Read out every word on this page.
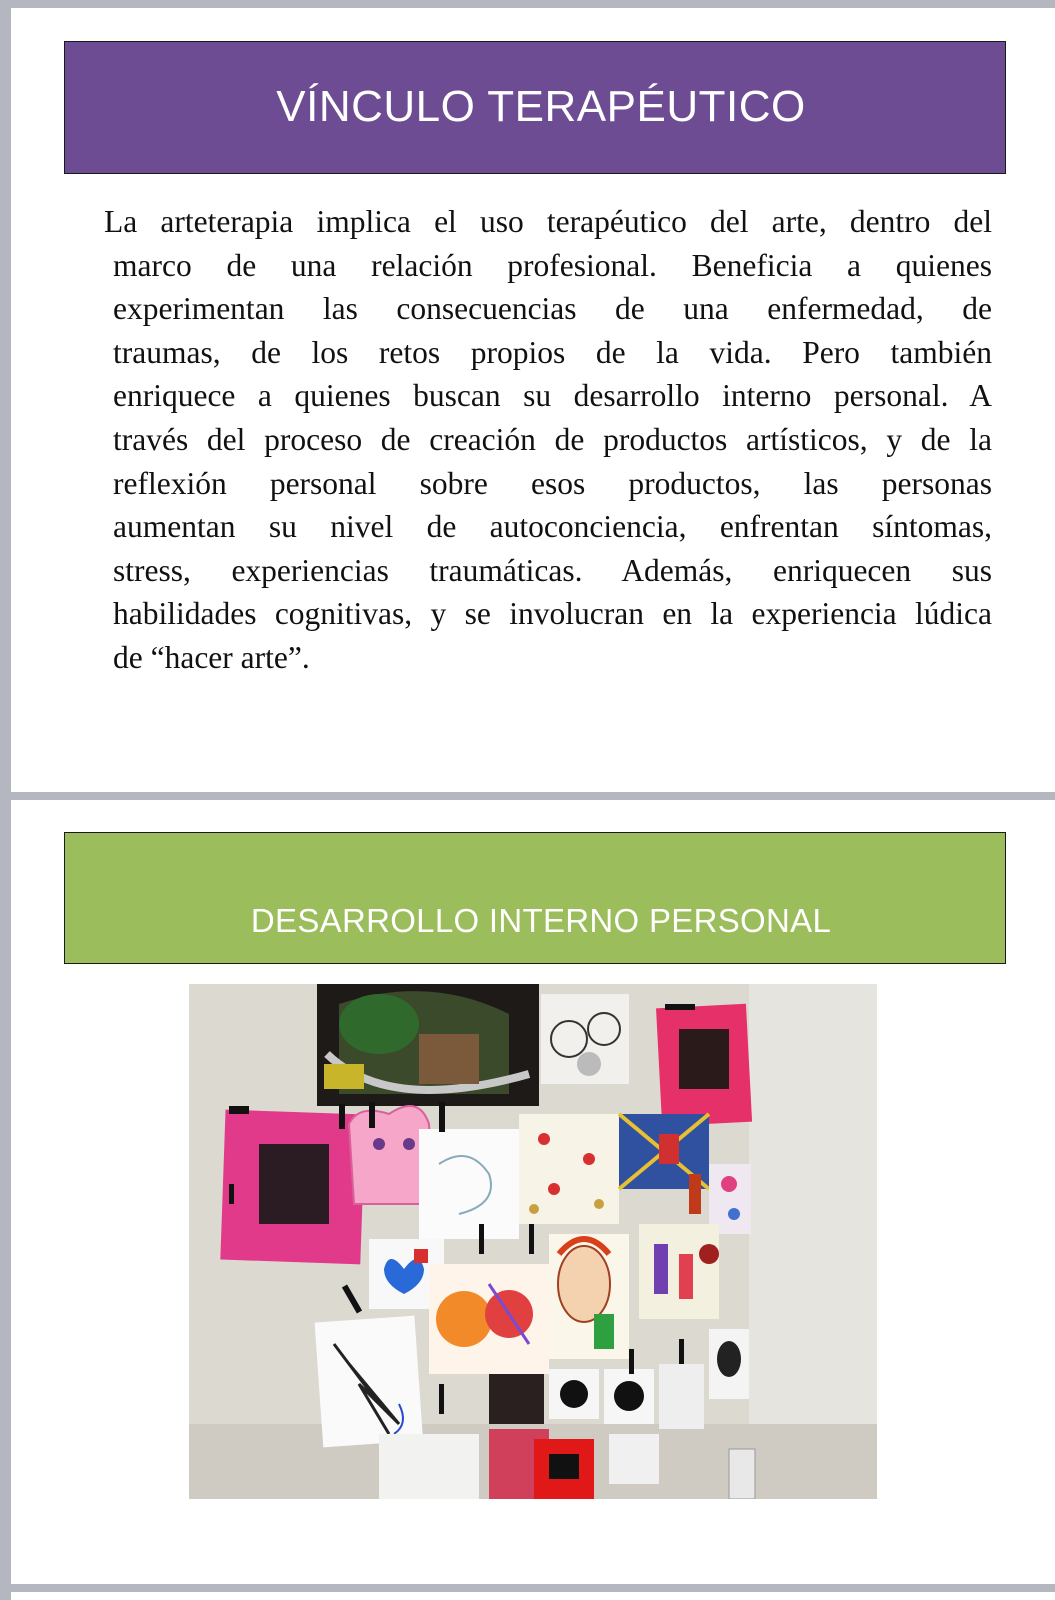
VÍNCULO TERAPÉUTICO
La arteterapia implica el uso terapéutico del arte, dentro del
marco de una relación profesional. Beneficia a quienes
experimentan las consecuencias de una enfermedad, de
traumas, de los retos propios de la vida. Pero también
enriquece a quienes buscan su desarrollo interno personal. A
través del proceso de creación de productos artísticos, y de la
reflexión personal sobre esos productos, las personas
aumentan su nivel de autoconciencia, enfrentan síntomas,
stress, experiencias traumáticas. Además, enriquecen sus
habilidades cognitivas, y se involucran en la experiencia lúdica
de “hacer arte”.
DESARROLLO INTERNO PERSONAL
